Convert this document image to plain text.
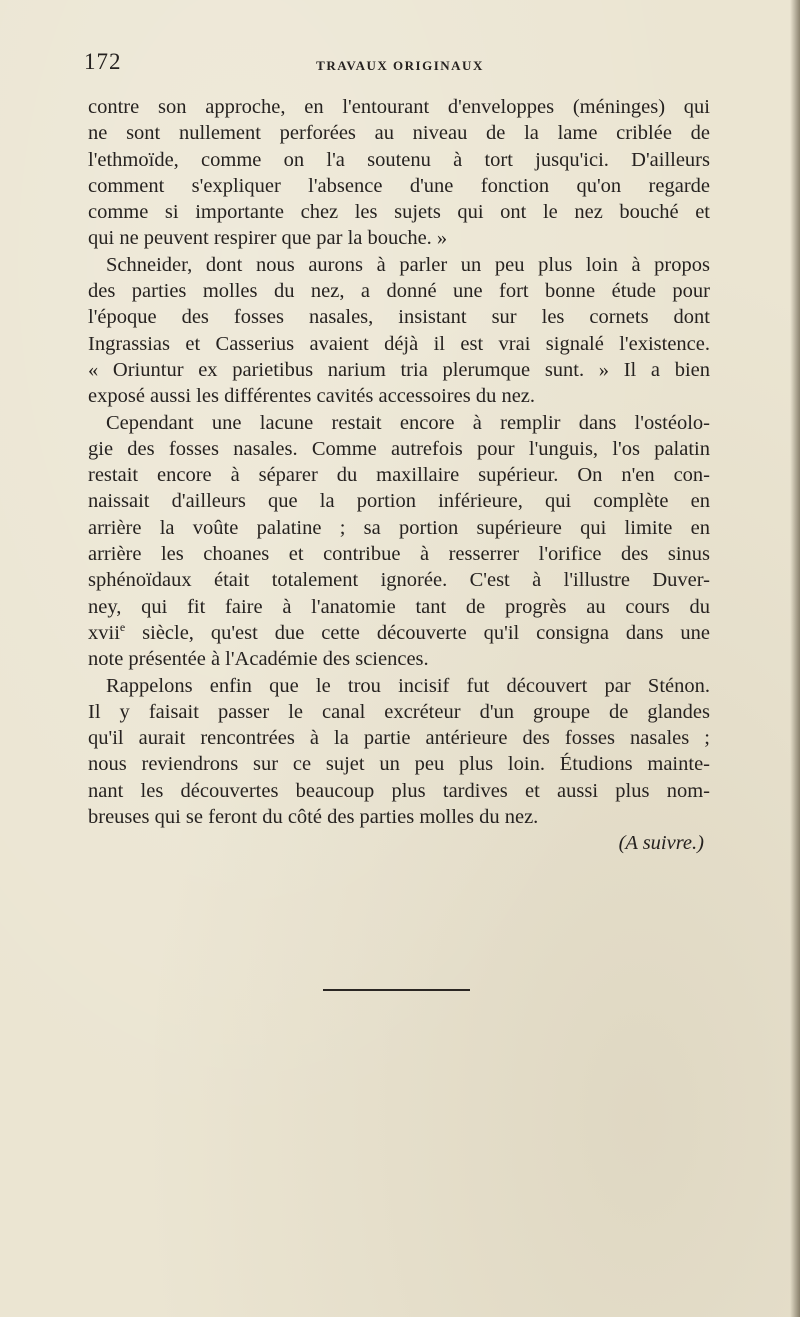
172	TRAVAUX ORIGINAUX
contre son approche, en l'entourant d'enveloppes (méninges) qui
ne sont nullement perforées au niveau de la lame criblée de
l'ethmoïde, comme on l'a soutenu à tort jusqu'ici. D'ailleurs
comment s'expliquer l'absence d'une fonction qu'on regarde
comme si importante chez les sujets qui ont le nez bouché et
qui ne peuvent respirer que par la bouche. »
Schneider, dont nous aurons à parler un peu plus loin à propos
des parties molles du nez, a donné une fort bonne étude pour
l'époque des fosses nasales, insistant sur les cornets dont
Ingrassias et Casserius avaient déjà il est vrai signalé l'existence.
« Oriuntur ex parietibus narium tria plerumque sunt. » Il a bien
exposé aussi les différentes cavités accessoires du nez.
Cependant une lacune restait encore à remplir dans l'ostéolo-
gie des fosses nasales. Comme autrefois pour l'unguis, l'os palatin
restait encore à séparer du maxillaire supérieur. On n'en con-
naissait d'ailleurs que la portion inférieure, qui complète en
arrière la voûte palatine ; sa portion supérieure qui limite en
arrière les choanes et contribue à resserrer l'orifice des sinus
sphénoïdaux était totalement ignorée. C'est à l'illustre Duver-
ney, qui fit faire à l'anatomie tant de progrès au cours du
xvii$^e$ siècle, qu'est due cette découverte qu'il consigna dans une
note présentée à l'Académie des sciences.
Rappelons enfin que le trou incisif fut découvert par Sténon.
Il y faisait passer le canal excréteur d'un groupe de glandes
qu'il aurait rencontrées à la partie antérieure des fosses nasales ;
nous reviendrons sur ce sujet un peu plus loin. Étudions mainte-
nant les découvertes beaucoup plus tardives et aussi plus nom-
breuses qui se feront du côté des parties molles du nez.
(A suivre.)
